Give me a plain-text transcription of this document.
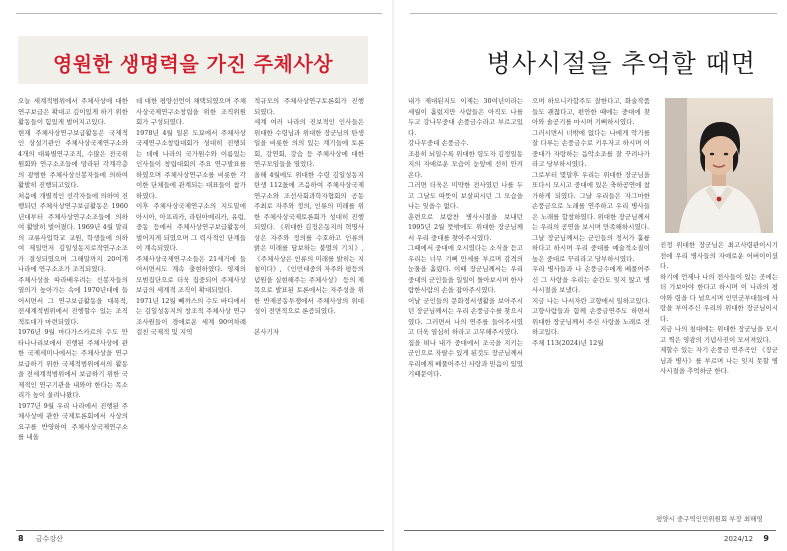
영원한 생명력을 가진 주체사상
오늘 세계적범위에서 주체사상에 대한 연구보급은 확대고 깊이있게 하기 위한 활동들이 힘있게 벌어지고있다.
현재 주체사상연구보급활동은 국제적인 상설기관인 주체사상국제연구소와 4개의 대륙별연구조직, 수많은 전국위원회와 연구소조들에 망라된 각계각층의 광범한 주체사상신봉자들에 의하여 활발히 진행되고있다.
처음에 개별적인 선각자들에 의하여 진행되던 주체사상연구보급활동은 1960년대부터 주체사상연구소조들에 의하여 활발히 벌어졌다. 1969년 4월 말리의 교류사업학교 교원, 학생들에 의하여 제일먼저 김일성동지로작연구소조가 결성되였으며 그해말까지 20여개 나라에 연구소조가 조직되였다.
주체사상을 따라배우려는 신봉자들의 열의가 높아가는 속에 1970년대에 들어서면서 그 연구보급활동을 대폭적, 전세계적범위에서 진행할수 있는 조직적토대가 마련되였다.
1976년 9월 마다가스카르의 수도 안타나나리보에서 진행된 주체사상에 관한 국제세미나에서는 주체사상을 연구보급하기 위한 국제적범위에서의 활동을 전세계적범위에서 보급하기 위한 국제적인 연구기관을 내와야 한다는 목소리가 높이 울려나왔다.
1977년 9월 우리 나라에서 진행된 주체사상에 관한 국제토론회에서 사상의 요구를 반영하여 주체사상국제연구소를 내올
데 대한 평양선언이 채택되였으며 주체사상국제연구소창립을 위한 조직위원회가 구성되였다.
1978년 4월 일본 도꾜에서 주체사상국제연구소창립대회가 성대히 진행되는 데에 나라의 국가원수와 이름있는 인사들이 창립대회의 주요 연구발표를 하였으며 주체사상연구소를 비롯한 각이한 단체들에 관계되는 대표들이 참가하였다.
이후 주체사상국제연구소의 지도밑에 아시아, 아프리카, 라틴아메리카, 유럽, 중동 등에서 주체사상연구보급활동이 벌어지게 되였으며 그 력사적인 단계들이 계속되였다.
주체사상국제연구소들은 21세기에 들어서면서도 계속 출현하였다. 영재의 모범집단으로 더욱 집중되어 주체사상 보급의 세계적 조직이 확대되었다.
1971년 12월 빼까스의 수도 바디에서는 김일성동지의 창조적 주체사상 연구조사원들이 경애로운 세계 90여차례 걸친 국제적 및 지역
적규모의 주체사상연구토론회가 진행되였다.
세계 여러 나라의 진보적인 인사들은 위대한 수령님과 위대한 장군님의 탄생일을 비롯한 의의 있는 계기들에 토론회, 강연회, 강습 등 주체사상에 대한 연구모임들을 열었다.
올해 4월에도 위대한 수령 김일성동지 탄생 112돐에 즈음하여 주체사상국제연구소와 조선사회과학자협회의 공동주최로 자주와 정의, 인류의 미래를 위한 주체사상국제토론회가 성대히 진행되였다. 《위대한 김정은동지의 혁명사상은 자주와 정의를 수호하고 인류의 밝은 미래를 담보하는 불멸의 기치》, 《주체사상은 인류의 미래를 밝히는 지침이다》, 《인민대중의 자주와 평등의 념원을 실현해주는 주체사상》 등의 제목으로 발표된 토론에서는 자주성을 위한 반제공동투쟁에서 주체사상의 위대성이 전면적으로 론증되였다.

본사기자
8 금수강산
병사시절을 추억할 때면
내가 제대된지도 이제는 30여년이라는 세월이 흘렀지만 사람들은 아직도 나를 두고 강나무중대 손풍금수라고 부르고있다.
강나무중대 손풍금수.
조용히 뇌일수록 위대한 령도자 김정일동지의 자애로운 모습이 눈앞에 선히 안겨온다.
그러면 더욱은 미약한 전사였던 나를 두고 그날도 따뜻이 보살피시던 그 모습을 나는 잊을수 없다.
훈련으로 보람찬 병사시절을 보내던 1995년 2월 뜻밖에도 위대한 장군님께서 우리 중대를 찾아주시였다.
그때에서 중대에 오시였다는 소식을 듣고 우리는 너무 기뻐 만세를 부르며 감격의 눈물을 흘렸다. 이때 장군님께서는 우리 중대의 군인들을 일일이 돌아보시며 한사람한사람의 손을 잡아주시였다.
이날 군인들의 문화정서생활을 보아주시던 장군님께서는 우리 손풍금수를 찾으시였다. 그러면서 나의 연주를 들어주시였고 더욱 열심히 하라고 고무해주시였다.
집을 떠나 내가 중대에서 조국을 지키는 군인으로 자랄수 있게 된것도 장군님께서 우리에게 베풀어주신 사랑과 믿음이 있었기때문이다.
으며 하모니카합주도 잘한다고, 화술작품들도 괜찮다고, 편안한 때에는 중대에 찾아와 솔공기를 마시며 기뻐하시였다.
그러시면서 너밖에 없다는 나에게 악기를 잘 다루는 손풍금수로 키우자고 하시며 이 중대가 자랑하는 음악소조를 잘 꾸려나가라고 당부하시였다.
그로부터 몇달후 우리는 위대한 장군님을 또다시 모시고 중대에 있은 축하공연에 참가하게 되였다. 그날 우리들은 자그마한 손풍금으로 노래를 연주하고 우리 병사들은 노래를 합창하였다. 위대한 장군님께서는 우리의 공연을 보시며 만족해하시였다.
그날 장군님께서는 군인들의 정서가 훌륭하다고 하시며 우리 중대를 예술적소질이 높은 중대로 꾸리라고 당부하시였다.
우리 병사들과 나 손풍금수에게 베풀어주신 그 사랑을 우리는 순간도 잊지 않고 병사시절을 보냈다.
지금 나는 나서자란 고향에서 일하고있다. 고향사람들과 함께 손풍금연주도 하면서 위대한 장군님께서 주신 사랑을 노래로 전하고있다.
주체 113(2024)년 12월
진정 위대한 장군님은 최고사령관이시기 전에 우리 병사들의 자애로운 어버이이셨다.
하기에 언제나 나의 전사들이 있는 곳에는 더 가보아야 한다고 하시며 이 나라의 평야와 령을 다 넘으시며 인민군부대들에 사랑을 부어주신 우리의 위대한 장군님이시다.
지금 나의 침대에는 위대한 장군님을 모시고 찍은 영광의 기념사진이 모셔져있다.
제할수 있는 자기 손풍금 연주곡인 《장군님과 병사》를 부르며 나는 잊지 못할 병사시절을 추억하군 한다.
평양시 중구역인민위원회 부장 최해영
2024/12 9
